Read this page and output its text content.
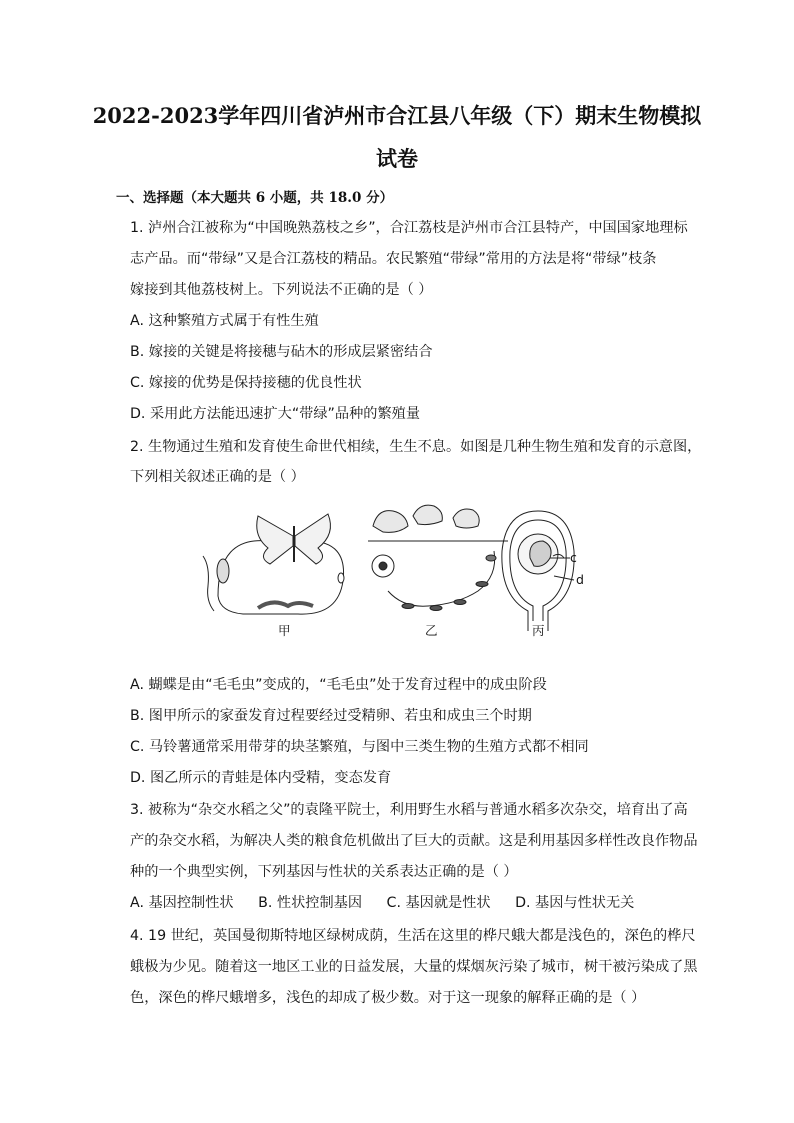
2022-2023学年四川省泸州市合江县八年级（下）期末生物模拟
试卷
一、选择题（本大题共 6 小题，共 18.0 分）
1. 泸州合江被称为“中国晚熟荔枝之乡”，合江荔枝是泸州市合江县特产，中国国家地理标
志产品。而“带绿”又是合江荔枝的精品。农民繁殖“带绿”常用的方法是将“带绿”枝条
嫁接到其他荔枝树上。下列说法不正确的是（ ）
A. 这种繁殖方式属于有性生殖
B. 嫁接的关键是将接穗与砧木的形成层紧密结合
C. 嫁接的优势是保持接穗的优良性状
D. 采用此方法能迅速扩大“带绿”品种的繁殖量
2. 生物通过生殖和发育使生命世代相续，生生不息。如图是几种生物生殖和发育的示意图，
下列相关叙述正确的是（ ）
c
d
甲	乙	丙
A. 蝴蝶是由“毛毛虫”变成的，“毛毛虫”处于发育过程中的成虫阶段
B. 图甲所示的家蚕发育过程要经过受精卵、若虫和成虫三个时期
C. 马铃薯通常采用带芽的块茎繁殖，与图中三类生物的生殖方式都不相同
D. 图乙所示的青蛙是体内受精，变态发育
3. 被称为“杂交水稻之父”的袁隆平院士，利用野生水稻与普通水稻多次杂交，培育出了高
产的杂交水稻，为解决人类的粮食危机做出了巨大的贡献。这是利用基因多样性改良作物品
种的一个典型实例，下列基因与性状的关系表达正确的是（ ）
A. 基因控制性状 B. 性状控制基因 C. 基因就是性状 D. 基因与性状无关
4. 19 世纪，英国曼彻斯特地区绿树成荫，生活在这里的桦尺蛾大都是浅色的，深色的桦尺
蛾极为少见。随着这一地区工业的日益发展，大量的煤烟灰污染了城市，树干被污染成了黑
色，深色的桦尺蛾增多，浅色的却成了极少数。对于这一现象的解释正确的是（ ）
